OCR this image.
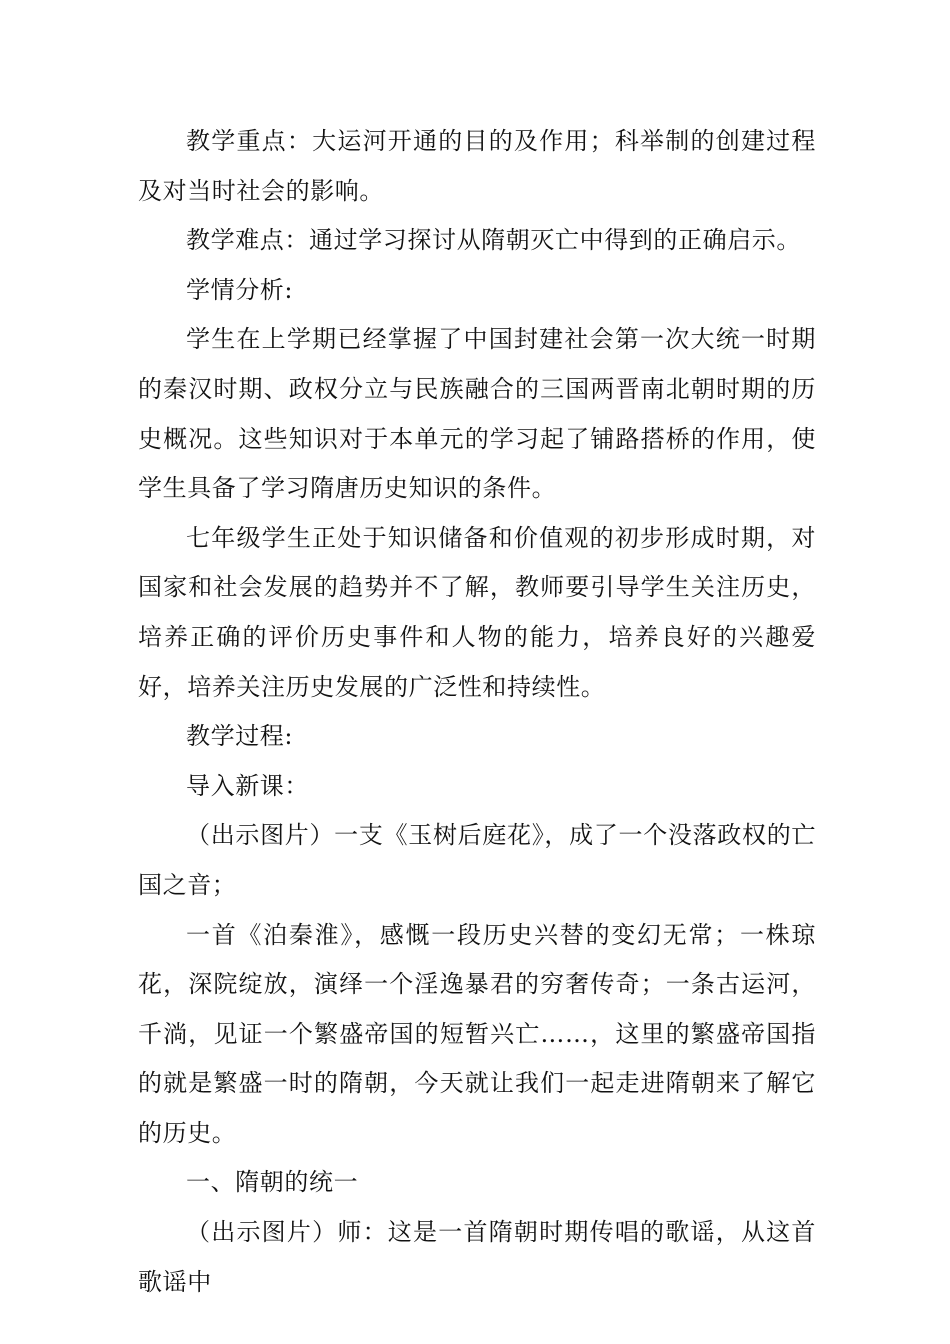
教学重点：大运河开通的目的及作用；科举制的创建过程及对当时社会的影响。

教学难点：通过学习探讨从隋朝灭亡中得到的正确启示。

学情分析:

学生在上学期已经掌握了中国封建社会第一次大统一时期的秦汉时期、政权分立与民族融合的三国两晋南北朝时期的历史概况。这些知识对于本单元的学习起了铺路搭桥的作用，使学生具备了学习隋唐历史知识的条件。

七年级学生正处于知识储备和价值观的初步形成时期，对国家和社会发展的趋势并不了解，教师要引导学生关注历史，培养正确的评价历史事件和人物的能力，培养良好的兴趣爱好，培养关注历史发展的广泛性和持续性。

教学过程:

导入新课：

（出示图片）一支《玉树后庭花》，成了一个没落政权的亡国之音；

一首《泊秦淮》，感慨一段历史兴替的变幻无常；一株琼花，深院绽放，演绎一个淫逸暴君的穷奢传奇；一条古运河，千淌，见证一个繁盛帝国的短暂兴亡……，这里的繁盛帝国指的就是繁盛一时的隋朝，今天就让我们一起走进隋朝来了解它的历史。

一、隋朝的统一

（出示图片）师：这是一首隋朝时期传唱的歌谣，从这首歌谣中
